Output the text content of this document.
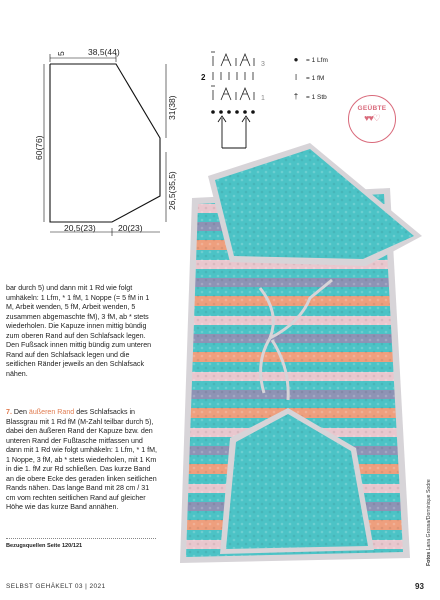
5	38,5(44)
60(76)
31(38)
26,5(35,5)
20,5(23)	20(23)
3
2
1
● = 1 Lfm
ǀ	= 1 fM
† = 1 Stb
GEÜBTE
♥♥♡

bar durch 5) und dann mit 1 Rd wie folgt umhäkeln: 1 Lfm, * 1 fM, 1 Noppe (= 5 fM in 1 M, Arbeit wenden, 5 fM, Arbeit wenden, 5 zusammen abgemaschte fM), 3 fM, ab * stets wiederholen. Die Kapuze innen mittig bündig zum oberen Rand auf den Schlafsack legen. Den Fußsack innen mittig bündig zum unteren Rand auf den Schlafsack legen und die seitlichen Ränder jeweils an den Schlafsack nähen.

7. Den äußeren Rand des Schlafsacks in Blassgrau mit 1 Rd fM (M-Zahl teilbar durch 5), dabei den äußeren Rand der Kapuze bzw. den unteren Rand der Fußtasche mitfassen und dann mit 1 Rd wie folgt umhäkeln: 1 Lfm, * 1 fM, 1 Noppe, 3 fM, ab * stets wiederholen, mit 1 Km in die 1. fM zur Rd schließen. Das kurze Band an die obere Ecke des geraden linken seitlichen Rands nähen. Das lange Band mit 28 cm / 31 cm vom rechten seitlichen Rand auf gleicher Höhe wie das kurze Band annähen.

Bezugsquellen Seite 120/121
Fotos Lana Grossa/Dominique Sodre
SELBST GEHÄKELT 03 | 2021	93
